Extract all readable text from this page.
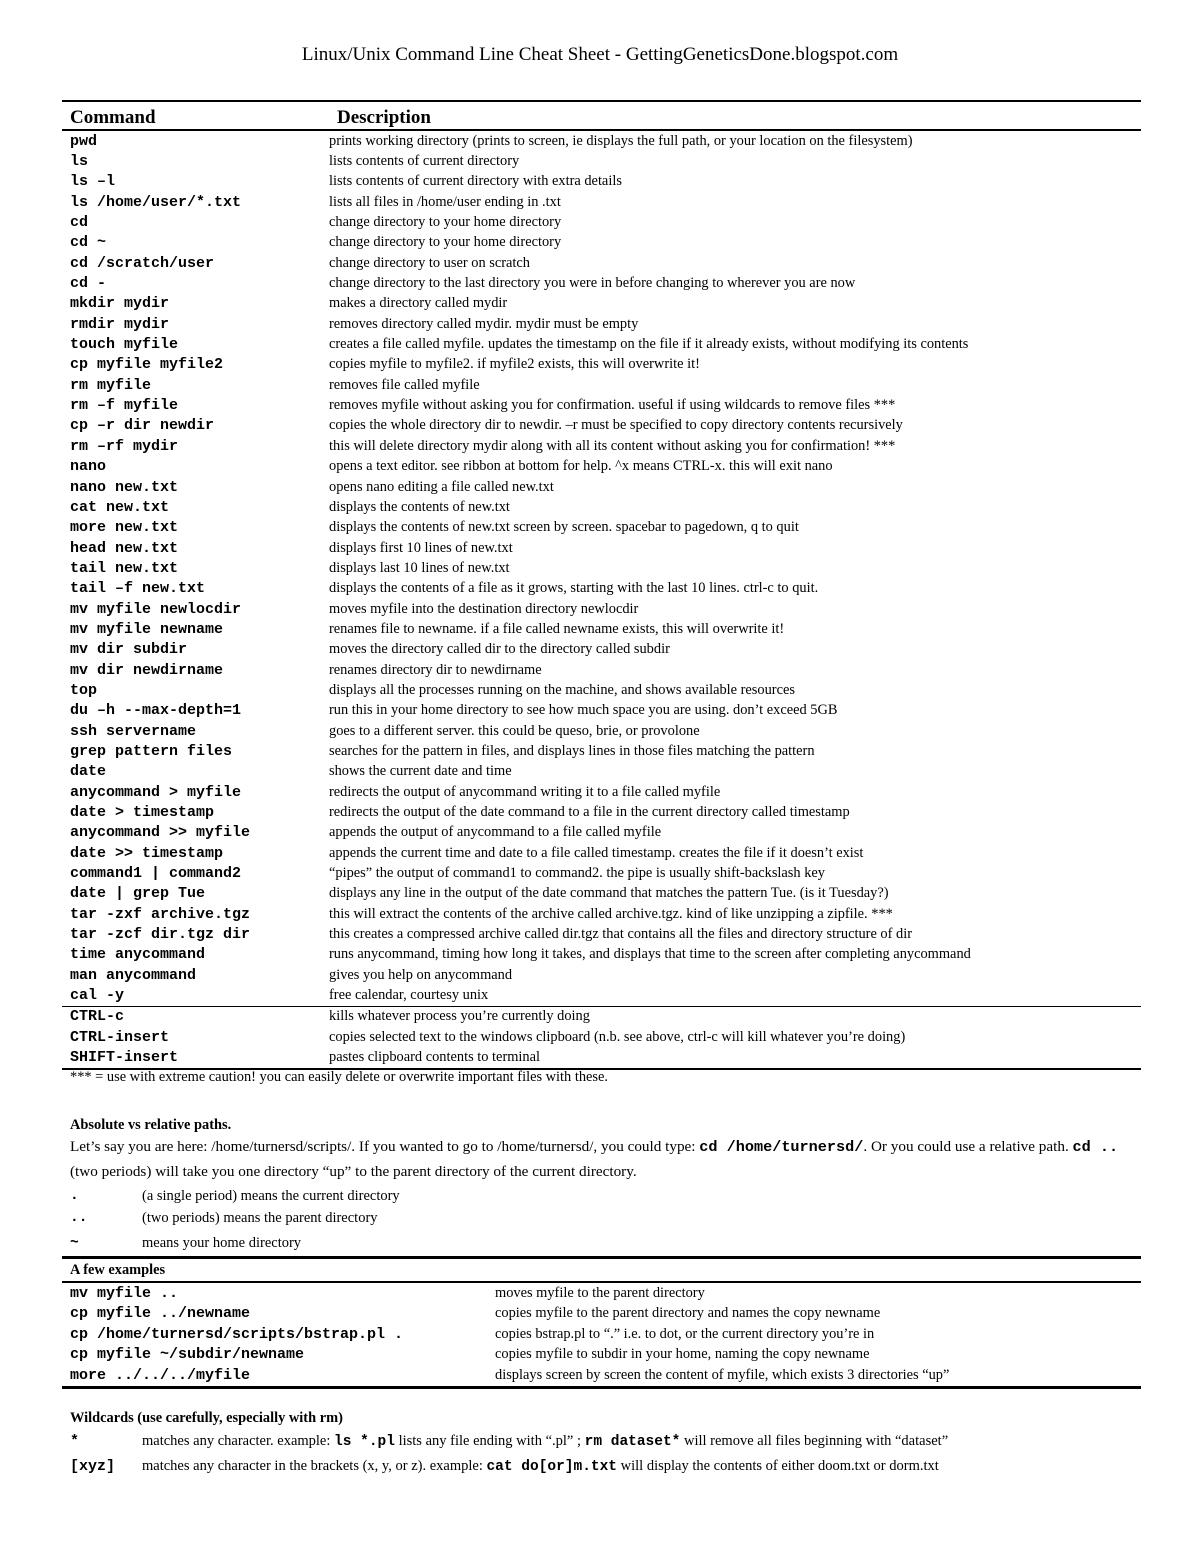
Linux/Unix Command Line Cheat Sheet - GettingGeneticsDone.blogspot.com
Command	Description
pwd	prints working directory (prints to screen, ie displays the full path, or your location on the filesystem)
ls	lists contents of current directory
ls –l	lists contents of current directory with extra details
ls /home/user/*.txt	lists all files in /home/user ending in .txt
cd	change directory to your home directory
cd ~	change directory to your home directory
cd /scratch/user	change directory to user on scratch
cd -	change directory to the last directory you were in before changing to wherever you are now
mkdir mydir	makes a directory called mydir
rmdir mydir	removes directory called mydir. mydir must be empty
touch myfile	creates a file called myfile. updates the timestamp on the file if it already exists, without modifying its contents
cp myfile myfile2	copies myfile to myfile2. if myfile2 exists, this will overwrite it!
rm myfile	removes file called myfile
rm –f myfile	removes myfile without asking you for confirmation. useful if using wildcards to remove files ***
cp –r dir newdir	copies the whole directory dir to newdir. –r must be specified to copy directory contents recursively
rm –rf mydir	this will delete directory mydir along with all its content without asking you for confirmation! ***
nano	opens a text editor. see ribbon at bottom for help. ^x means CTRL-x. this will exit nano
nano new.txt	opens nano editing a file called new.txt
cat new.txt	displays the contents of new.txt
more new.txt	displays the contents of new.txt screen by screen. spacebar to pagedown, q to quit
head new.txt	displays first 10 lines of new.txt
tail new.txt	displays last 10 lines of new.txt
tail –f new.txt	displays the contents of a file as it grows, starting with the last 10 lines. ctrl-c to quit.
mv myfile newlocdir	moves myfile into the destination directory newlocdir
mv myfile newname	renames file to newname. if a file called newname exists, this will overwrite it!
mv dir subdir	moves the directory called dir to the directory called subdir
mv dir newdirname	renames directory dir to newdirname
top	displays all the processes running on the machine, and shows available resources
du –h --max-depth=1	run this in your home directory to see how much space you are using. don’t exceed 5GB
ssh servername	goes to a different server. this could be queso, brie, or provolone
grep pattern files	searches for the pattern in files, and displays lines in those files matching the pattern
date	shows the current date and time
anycommand > myfile	redirects the output of anycommand writing it to a file called myfile
date > timestamp	redirects the output of the date command to a file in the current directory called timestamp
anycommand >> myfile	appends the output of anycommand to a file called myfile
date >> timestamp	appends the current time and date to a file called timestamp. creates the file if it doesn’t exist
command1 | command2	“pipes” the output of command1 to command2. the pipe is usually shift-backslash key
date | grep Tue	displays any line in the output of the date command that matches the pattern Tue. (is it Tuesday?)
tar -zxf archive.tgz	this will extract the contents of the archive called archive.tgz. kind of like unzipping a zipfile. ***
tar -zcf dir.tgz dir	this creates a compressed archive called dir.tgz that contains all the files and directory structure of dir
time anycommand	runs anycommand, timing how long it takes, and displays that time to the screen after completing anycommand
man anycommand	gives you help on anycommand
cal -y	free calendar, courtesy unix
CTRL-c	kills whatever process you’re currently doing
CTRL-insert	copies selected text to the windows clipboard (n.b. see above, ctrl-c will kill whatever you’re doing)
SHIFT-insert	pastes clipboard contents to terminal
*** = use with extreme caution! you can easily delete or overwrite important files with these.
Absolute vs relative paths.
Let’s say you are here: /home/turnersd/scripts/. If you wanted to go to /home/turnersd/, you could type: cd /home/turnersd/. Or you could use a relative path. cd .. (two periods) will take you one directory “up” to the parent directory of the current directory.
.	(a single period) means the current directory
..	(two periods) means the parent directory
~	means your home directory
A few examples
mv myfile ..	moves myfile to the parent directory
cp myfile ../newname	copies myfile to the parent directory and names the copy newname
cp /home/turnersd/scripts/bstrap.pl .	copies bstrap.pl to “.” i.e. to dot, or the current directory you’re in
cp myfile ~/subdir/newname	copies myfile to subdir in your home, naming the copy newname
more ../../../myfile	displays screen by screen the content of myfile, which exists 3 directories “up”
Wildcards (use carefully, especially with rm)
*	matches any character. example: ls *.pl lists any file ending with “.pl” ; rm dataset* will remove all files beginning with “dataset”
[xyz]	matches any character in the brackets (x, y, or z). example: cat do[or]m.txt will display the contents of either doom.txt or dorm.txt
